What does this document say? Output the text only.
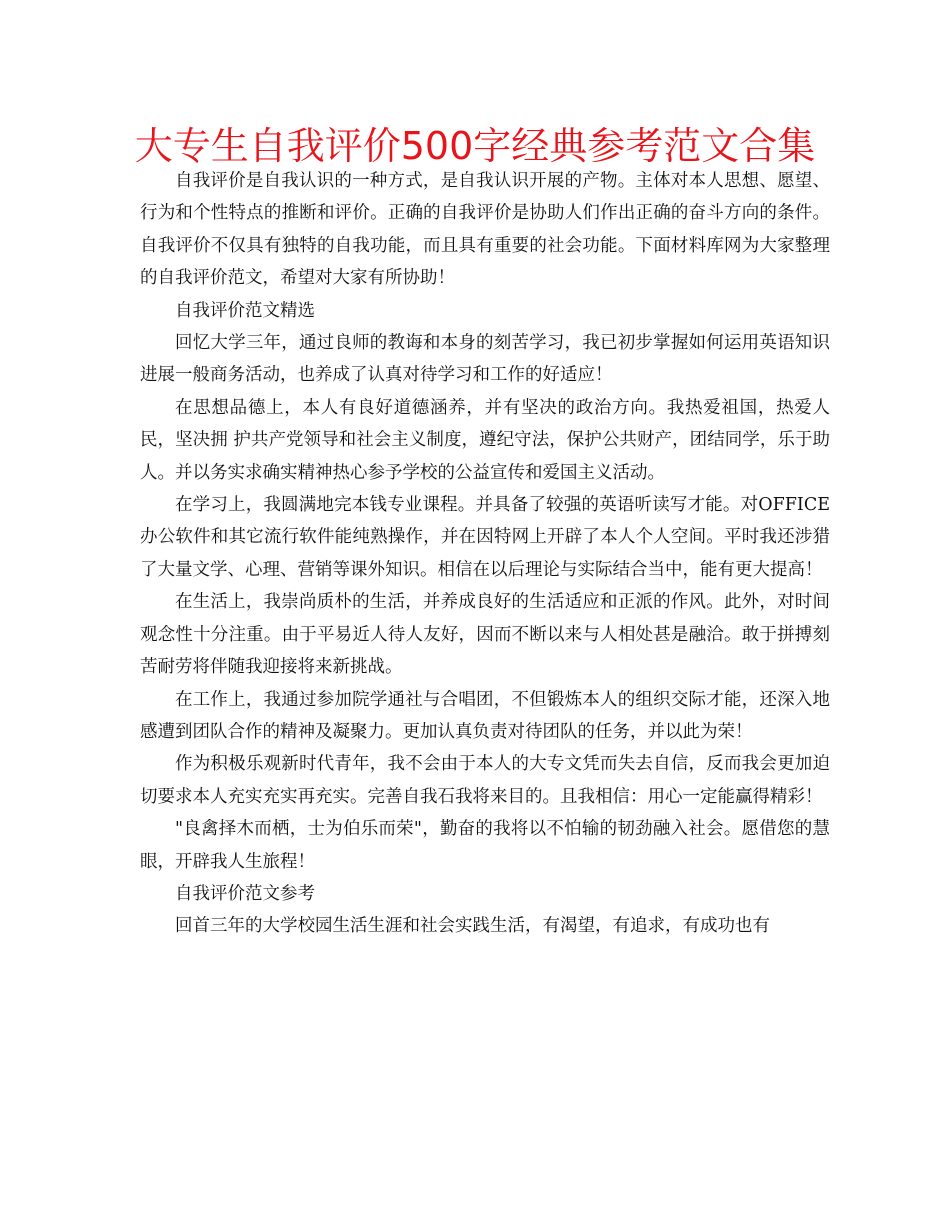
大专生自我评价500字经典参考范文合集

自我评价是自我认识的一种方式，是自我认识开展的产物。主体对本人思想、愿望、行为和个性特点的推断和评价。正确的自我评价是协助人们作出正确的奋斗方向的条件。自我评价不仅具有独特的自我功能，而且具有重要的社会功能。下面材料库网为大家整理的自我评价范文，希望对大家有所协助！

自我评价范文精选

回忆大学三年，通过良师的教诲和本身的刻苦学习，我已初步掌握如何运用英语知识进展一般商务活动，也养成了认真对待学习和工作的好适应！

在思想品德上，本人有良好道德涵养，并有坚决的政治方向。我热爱祖国，热爱人民，坚决拥 护共产党领导和社会主义制度，遵纪守法，保护公共财产，团结同学，乐于助人。并以务实求确实精神热心参予学校的公益宣传和爱国主义活动。

在学习上，我圆满地完本钱专业课程。并具备了较强的英语听读写才能。对OFFICE办公软件和其它流行软件能纯熟操作，并在因特网上开辟了本人个人空间。平时我还涉猎了大量文学、心理、营销等课外知识。相信在以后理论与实际结合当中，能有更大提高！

在生活上，我崇尚质朴的生活，并养成良好的生活适应和正派的作风。此外，对时间观念性十分注重。由于平易近人待人友好，因而不断以来与人相处甚是融洽。敢于拼搏刻苦耐劳将伴随我迎接将来新挑战。

在工作上，我通过参加院学通社与合唱团，不但锻炼本人的组织交际才能，还深入地感遭到团队合作的精神及凝聚力。更加认真负责对待团队的任务，并以此为荣！

作为积极乐观新时代青年，我不会由于本人的大专文凭而失去自信，反而我会更加迫切要求本人充实充实再充实。完善自我石我将来目的。且我相信：用心一定能赢得精彩！

"良禽择木而栖，士为伯乐而荣"，勤奋的我将以不怕输的韧劲融入社会。愿借您的慧眼，开辟我人生旅程！

自我评价范文参考

回首三年的大学校园生活生涯和社会实践生活，有渴望，有追求，有成功也有
